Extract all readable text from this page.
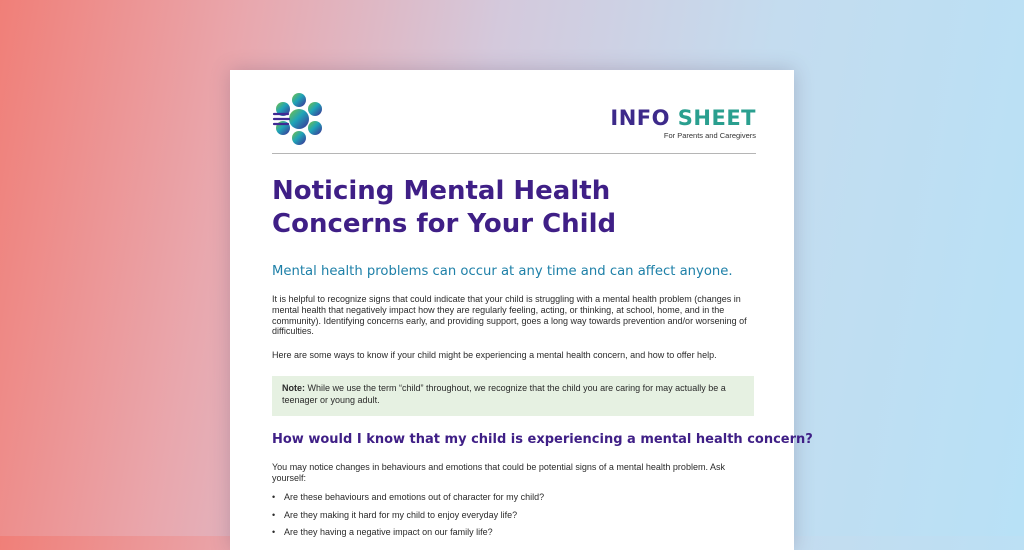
INFO SHEET
For Parents and Caregivers
Noticing Mental Health
Concerns for Your Child

Mental health problems can occur at any time and can affect anyone.

It is helpful to recognize signs that could indicate that your child is struggling with a mental health problem (changes in mental health that negatively impact how they are regularly feeling, acting, or thinking, at school, home, and in the community). Identifying concerns early, and providing support, goes a long way towards prevention and/or worsening of difficulties.

Here are some ways to know if your child might be experiencing a mental health concern, and how to offer help.

Note: While we use the term “child” throughout, we recognize that the child you are caring for may actually be a teenager or young adult.
How would I know that my child is experiencing a mental health concern?

You may notice changes in behaviours and emotions that could be potential signs of a mental health problem. Ask yourself:

• Are these behaviours and emotions out of character for my child?
• Are they making it hard for my child to enjoy everyday life?
• Are they having a negative impact on our family life?
